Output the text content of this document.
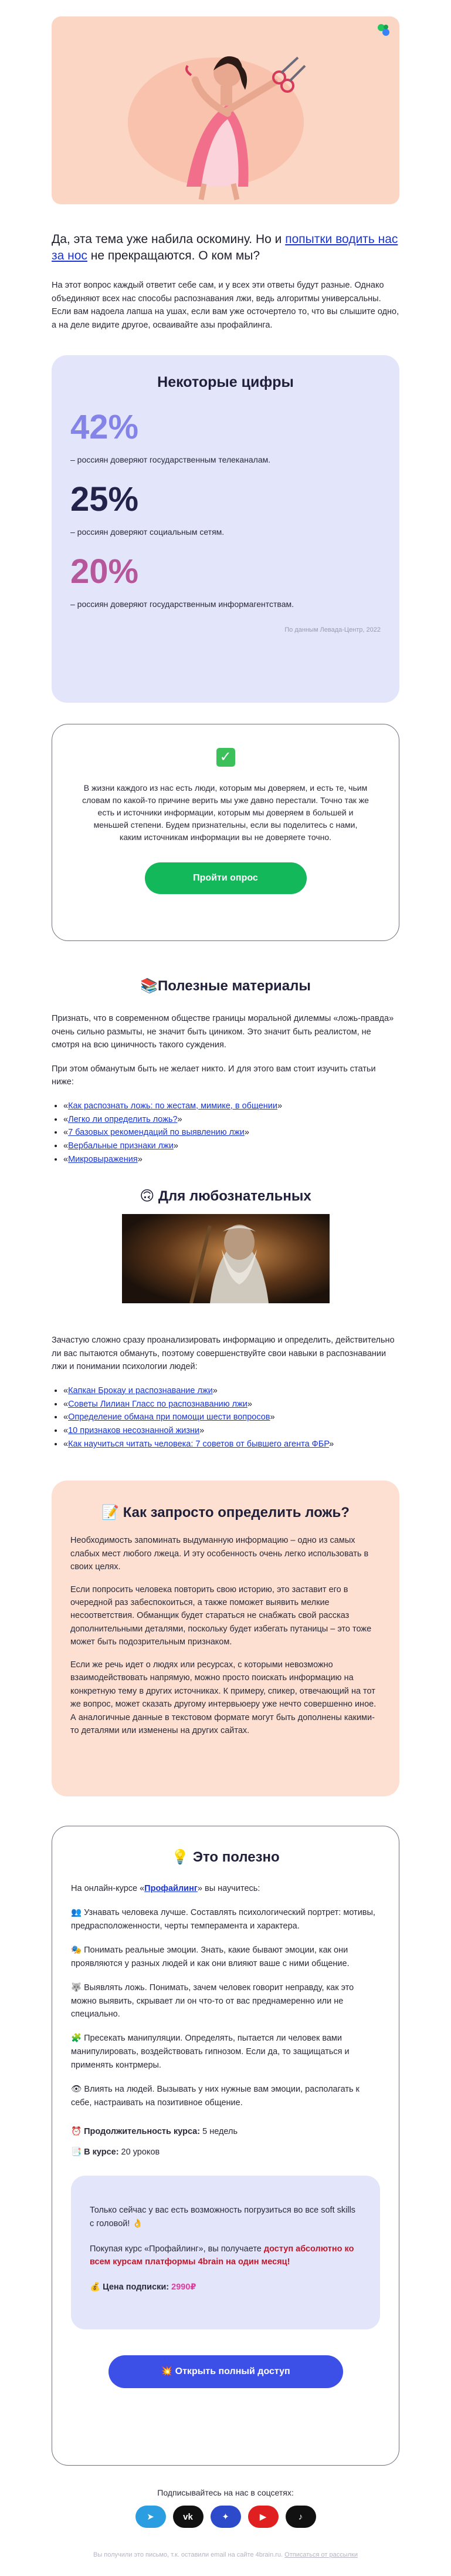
Да, эта тема уже набила оскомину. Но и попытки водить нас за нос не прекращаются. О ком мы?

На этот вопрос каждый ответит себе сам, и у всех эти ответы будут разные. Однако объединяют всех нас способы распознавания лжи, ведь алгоритмы универсальны. Если вам надоела лапша на ушах, если вам уже осточертело то, что вы слышите одно, а на деле видите другое, осваивайте азы профайлинга.

Некоторые цифры
42%
– россиян доверяют государственным телеканалам.
25%
– россиян доверяют социальным сетям.
20%
– россиян доверяют государственным информагентствам.
По данным Левада-Центр, 2022
✓

В жизни каждого из нас есть люди, которым мы доверяем, и есть те, чьим словам по какой-то причине верить мы уже давно перестали. Точно так же есть и источники информации, которым мы доверяем в большей и меньшей степени. Будем признательны, если вы поделитесь с нами, каким источникам информации вы не доверяете точно.

Пройти опрос
📚Полезные материалы

Признать, что в современном обществе границы моральной дилеммы «ложь-правда» очень сильно размыты, не значит быть циником. Это значит быть реалистом, не смотря на всю циничность такого суждения.

При этом обманутым быть не желает никто. И для этого вам стоит изучить статьи ниже:

• «Как распознать ложь: по жестам, мимике, в общении»
• «Легко ли определить ложь?»
• «7 базовых рекомендаций по выявлению лжи»
• «Вербальные признаки лжи»
• «Микровыражения»
🙃 Для любознательных

Зачастую сложно сразу проанализировать информацию и определить, действительно ли вас пытаются обмануть, поэтому совершенствуйте свои навыки в распознавании лжи и понимании психологии людей:

• «Капкан Брокау и распознавание лжи»
• «Советы Лилиан Гласс по распознаванию лжи»
• «Определение обмана при помощи шести вопросов»
• «10 признаков несознанной жизни»
• «Как научиться читать человека: 7 советов от бывшего агента ФБР»
📝 Как запросто определить ложь?

Необходимость запоминать выдуманную информацию – одно из самых слабых мест любого лжеца. И эту особенность очень легко использовать в своих целях.

Если попросить человека повторить свою историю, это заставит его в очередной раз забеспокоиться, а также поможет выявить мелкие несоответствия. Обманщик будет стараться не снабжать свой рассказ дополнительными деталями, поскольку будет избегать путаницы – это тоже может быть подозрительным признаком.

Если же речь идет о людях или ресурсах, с которыми невозможно взаимодействовать напрямую, можно просто поискать информацию на конкретную тему в других источниках. К примеру, спикер, отвечающий на тот же вопрос, может сказать другому интервьюеру уже нечто совершенно иное. А аналогичные данные в текстовом формате могут быть дополнены какими-то деталями или изменены на других сайтах.

💡 Это полезно

На онлайн-курсе «Профайлинг» вы научитесь:

👥 Узнавать человека лучше. Составлять психологический портрет: мотивы, предрасположенности, черты темперамента и характера.

🎭 Понимать реальные эмоции. Знать, какие бывают эмоции, как они проявляются у разных людей и как они влияют ваше с ними общение.

🐺 Выявлять ложь. Понимать, зачем человек говорит неправду, как это можно выявить, скрывает ли он что-то от вас преднамеренно или не специально.

🧩 Пресекать манипуляции. Определять, пытается ли человек вами манипулировать, воздействовать гипнозом. Если да, то защищаться и применять контрмеры.

👁 Влиять на людей. Вызывать у них нужные вам эмоции, располагать к себе, настраивать на позитивное общение.

⏰ Продолжительность курса: 5 недель

📑 В курсе: 20 уроков

Только сейчас у вас есть возможность погрузиться во все soft skills с головой! 👌

Покупая курс «Профайлинг», вы получаете доступ абсолютно ко всем курсам платформы 4brain на один месяц!

💰 Цена подписки: 2990₽

💥 Открыть полный доступ
Подписывайтесь на нас в соцсетях:
➤	vk	✦	▶	♪
Вы получили это письмо, т.к. оставили email на сайте 4brain.ru. Отписаться от рассылки
